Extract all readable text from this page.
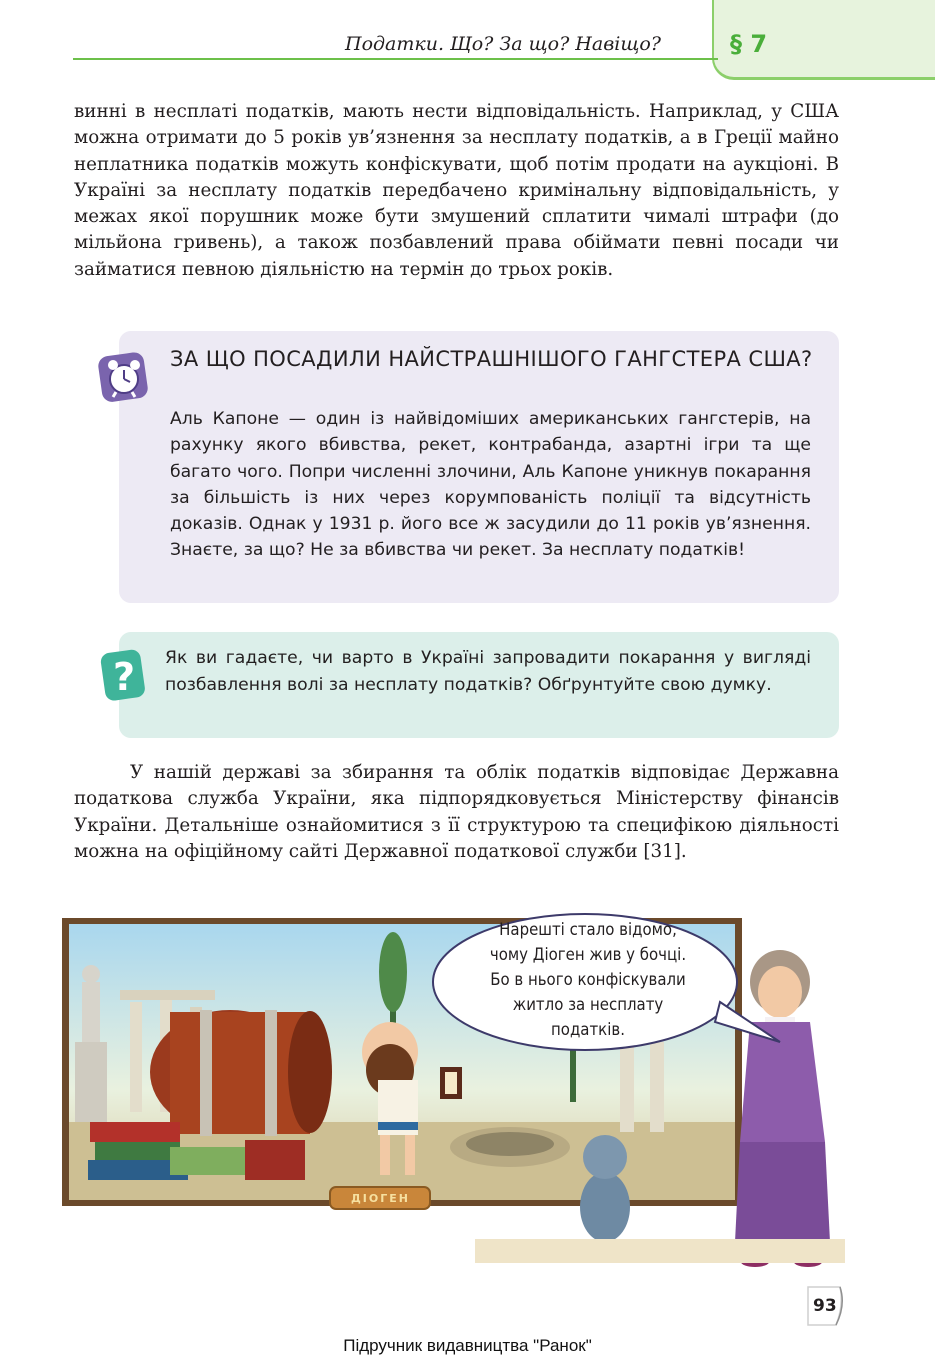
Податки. Що? За що? Навіщо?	§ 7

винні в несплаті податків, мають нести відповідальність. Наприклад, у США можна отримати до 5 років ув’язнення за несплату податків, а в Греції майно неплатника податків можуть конфіскувати, щоб потім продати на аукціоні. В Україні за несплату податків передбачено кримінальну відповідальність, у межах якої порушник може бути змушений сплатити чималі штрафи (до мільйона гривень), а також позбавлений права обіймати певні посади чи займатися певною діяльністю на термін до трьох років.

ЗА ЩО ПОСАДИЛИ НАЙСТРАШНІШОГО ГАНГСТЕРА США?
Аль Капоне — один із найвідоміших американських гангстерів, на рахунку якого вбивства, рекет, контрабанда, азартні ігри та ще багато чого. Попри численні злочини, Аль Капоне уникнув покарання за більшість із них через корумпованість поліції та відсутність доказів. Однак у 1931 р. його все ж засудили до 11 років ув’язнення. Знаєте, за що? Не за вбивства чи рекет. За несплату податків!
? Як ви гадаєте, чи варто в Україні запровадити покарання у вигляді позбавлення волі за несплату податків? Обґрунтуйте свою думку.

У нашій державі за збирання та облік податків відповідає Державна податкова служба України, яка підпорядковується Міністерству фінансів України. Детальніше ознайомитися з її структурою та специфікою діяльності можна на офіційному сайті Державної податкової служби [31].

Нарешті стало відомо,
чому Діоген жив у бочці.
Бо в нього конфіскували
житло за несплату
податків.
ДІОГЕН
93
Підручник видавництва "Ранок"
